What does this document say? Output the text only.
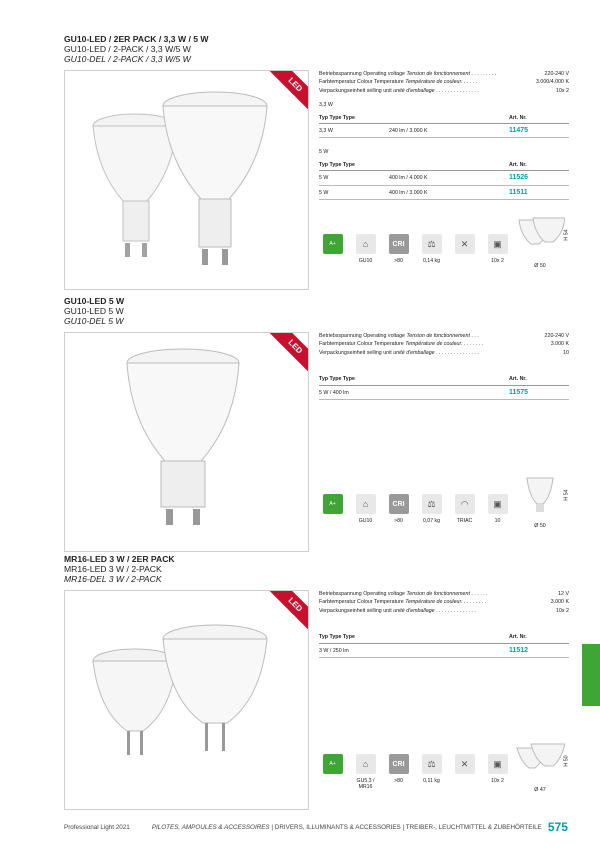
GU10-LED / 2ER PACK / 3,3 W / 5 W
GU10-LED / 2-PACK / 3,3 W/5 W
GU10-DEL / 2-PACK / 3,3 W/5 W
LED
Betriebsspannung Operating voltage Tension de fonctionnement . . . . . . . . .	220-240 V
Farbtemperatur Colour Temperature Température de couleur. . . . . .	3.000/4.000 K
Verpackungseinheit selling unit unité d'emballage . . . . . . . . . . . . . . .	10x 2
3,3 W
Typ Type Type	Art. Nr.
3,3 W	240 lm / 3.000 K	11475
5 W
Typ Type Type	Art. Nr.
5 W	400 lm / 4.000 K	11526
5 W	400 lm / 3.000 K	11511
A+	⌂
GU10
CRI
>80
⚖
0,14 kg
✕	▣
10x 2
Ø 50
H 54
GU10-LED 5 W
GU10-LED 5 W
GU10-DEL 5 W
LED
Betriebsspannung Operating voltage Tension de fonctionnement . . .	220-240 V
Farbtemperatur Colour Temperature Température de couleur. . . . . . . .	3.000 K
Verpackungseinheit selling unit unité d'emballage . . . . . . . . . . . . . . .	10
Typ Type Type	Art. Nr.
5 W / 400 lm	11575
A+	⌂
GU10
CRI
>80
⚖
0,07 kg
◠
TRIAC
▣
10
Ø 50
H 54
MR16-LED 3 W / 2ER PACK
MR16-LED 3 W / 2-PACK
MR16-DEL 3 W / 2-PACK
LED
Betriebsspannung Operating voltage Tension de fonctionnement . . . . . .	12 V
Farbtemperatur Colour Temperature Température de couleur. . . . . . . . .	3.000 K
Verpackungseinheit selling unit unité d'emballage . . . . . . . . . . . . . .	10x 2
Typ Type Type	Art. Nr.
3 W / 250 lm	11512
A+	⌂
GU5,3 / MR16
CRI
>80
⚖
0,11 kg
✕	▣
10x 2
Ø 47
H 50
Professional Light 2021	PILOTES, AMPOULES & ACCESSOIRES | DRIVERS, ILLUMINANTS & ACCESSORIES | TREIBER-, LEUCHTMITTEL & ZUBEHÖRTEILE 575
